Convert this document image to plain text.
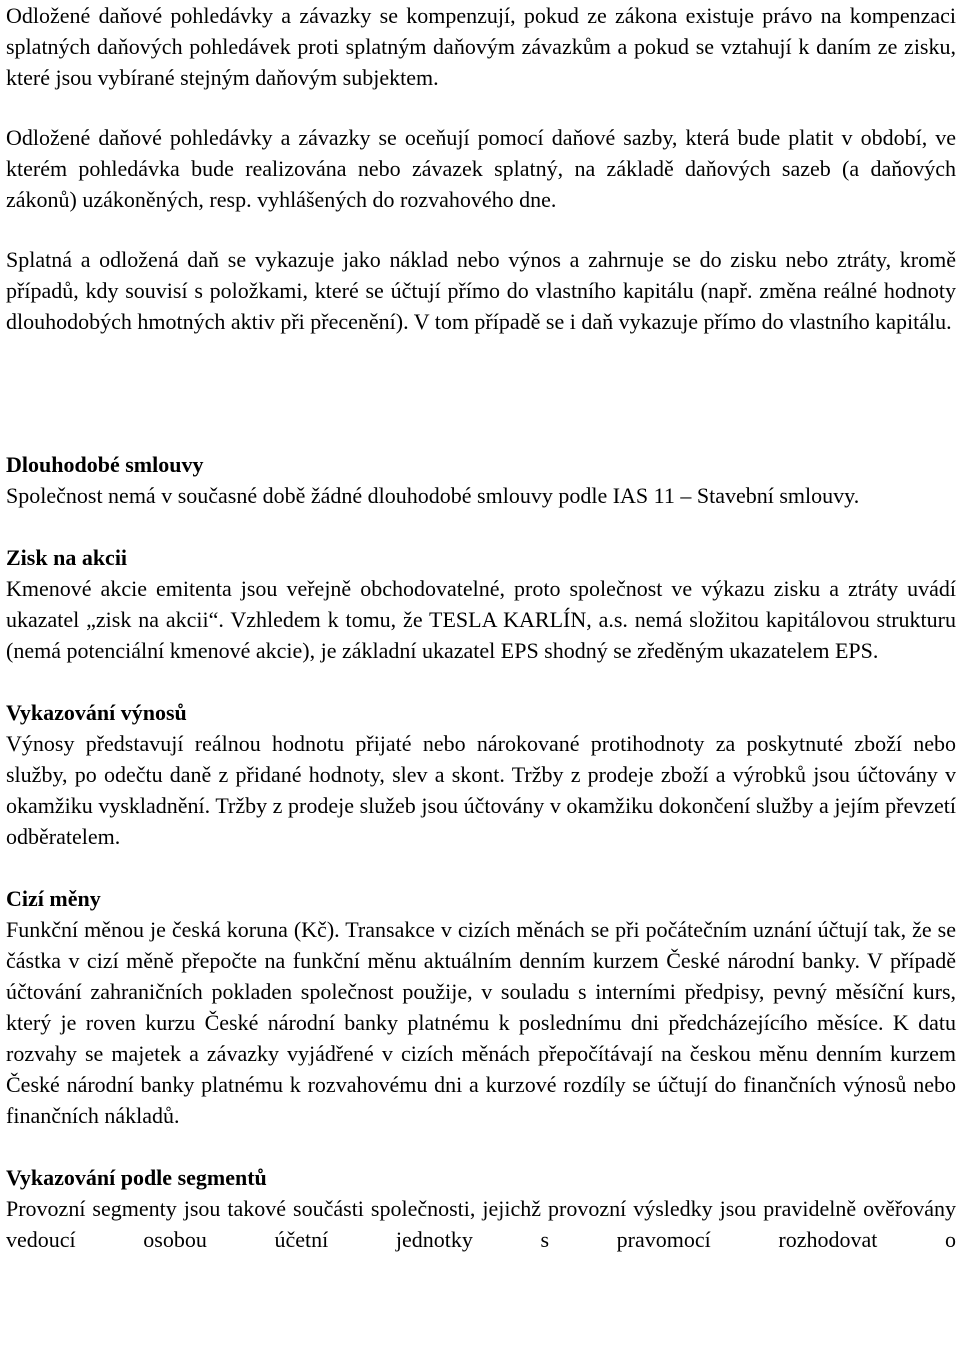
Odložené daňové pohledávky a závazky se kompenzují, pokud ze zákona existuje právo na kompenzaci splatných daňových pohledávek proti splatným daňovým závazkům a pokud se vztahují k daním ze zisku, které jsou vybírané stejným daňovým subjektem.

Odložené daňové pohledávky a závazky se oceňují pomocí daňové sazby, která bude platit v období, ve kterém pohledávka bude realizována nebo závazek splatný, na základě daňových sazeb (a daňových zákonů) uzákoněných, resp. vyhlášených do rozvahového dne.

Splatná a odložená daň se vykazuje jako náklad nebo výnos a zahrnuje se do zisku nebo ztráty, kromě případů, kdy souvisí s položkami, které se účtují přímo do vlastního kapitálu (např. změna reálné hodnoty dlouhodobých hmotných aktiv při přecenění). V tom případě se i daň vykazuje přímo do vlastního kapitálu.

Dlouhodobé smlouvy

Společnost nemá v současné době žádné dlouhodobé smlouvy podle IAS 11 – Stavební smlouvy.

Zisk na akcii

Kmenové akcie emitenta jsou veřejně obchodovatelné, proto společnost ve výkazu zisku a ztráty uvádí ukazatel „zisk na akcii“. Vzhledem k tomu, že TESLA KARLÍN, a.s. nemá složitou kapitálovou strukturu (nemá potenciální kmenové akcie), je základní ukazatel EPS shodný se zředěným ukazatelem EPS.

Vykazování výnosů

Výnosy představují reálnou hodnotu přijaté nebo nárokované protihodnoty za poskytnuté zboží nebo služby, po odečtu daně z přidané hodnoty, slev a skont. Tržby z prodeje zboží a výrobků jsou účtovány v okamžiku vyskladnění. Tržby z prodeje služeb jsou účtovány v okamžiku dokončení služby a jejím převzetí odběratelem.

Cizí měny

Funkční měnou je česká koruna (Kč). Transakce v cizích měnách se při počátečním uznání účtují tak, že se částka v cizí měně přepočte na funkční měnu aktuálním denním kurzem České národní banky. V případě účtování zahraničních pokladen společnost použije, v souladu s interními předpisy, pevný měsíční kurs, který je roven kurzu České národní banky platnému k poslednímu dni předcházejícího měsíce. K datu rozvahy se majetek a závazky vyjádřené v cizích měnách přepočítávají na českou měnu denním kurzem České národní banky platnému k rozvahovému dni a kurzové rozdíly se účtují do finančních výnosů nebo finančních nákladů.

Vykazování podle segmentů

Provozní segmenty jsou takové součásti společnosti, jejichž provozní výsledky jsou pravidelně ověřovány vedoucí osobou účetní jednotky s pravomocí rozhodovat o
